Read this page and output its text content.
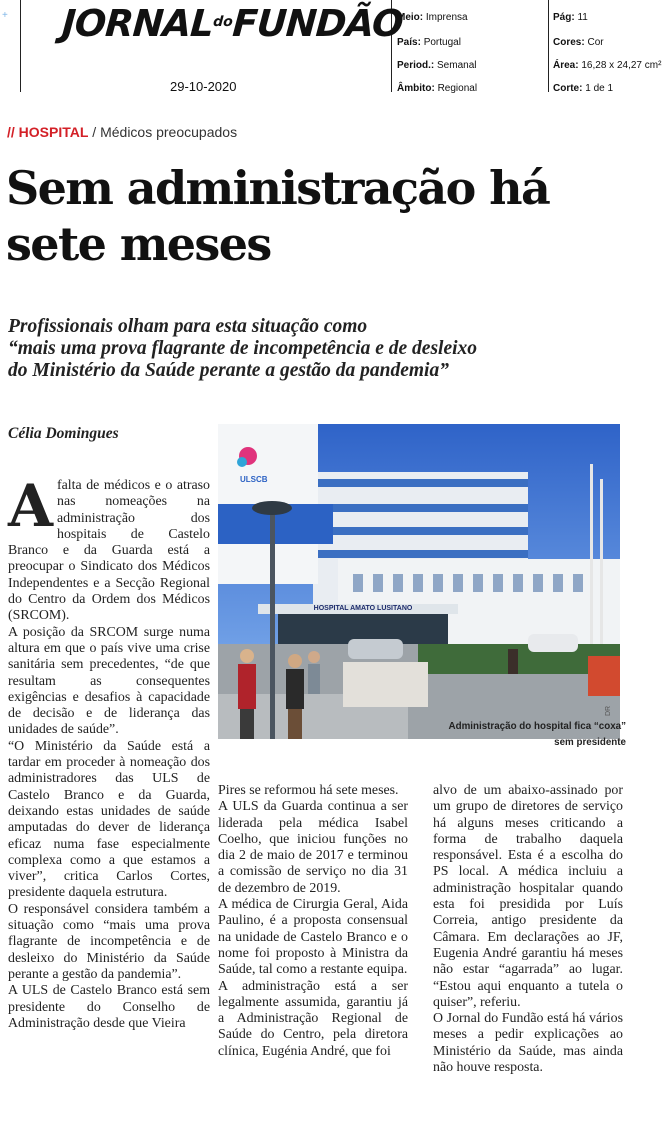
+ $JORNAL^{do}FUNDÃO$
29-10-2020
Meio: Imprensa
País: Portugal
Period.: Semanal
Âmbito: Regional
Pág: 11
Cores: Cor
Área: 16,28 x 24,27 cm²
Corte: 1 de 1
// HOSPITAL / Médicos preocupados
Sem administração há sete meses
Profissionais olham para esta situação como
“mais uma prova flagrante de incompetência e de desleixo
do Ministério da Saúde perante a gestão da pandemia”
Célia Domingues
HOSPITAL AMATO LUSITANO
ULSCB
DR
Administração do hospital fica “coxa” sem presidente

A falta de médicos e o atraso nas nomeações na administração dos hospitais de Castelo Branco e da Guarda está a preocupar o Sindicato dos Médicos Independentes e a Secção Regional do Centro da Ordem dos Médicos (SRCOM).

A posição da SRCOM surge numa altura em que o país vive uma crise sanitária sem precedentes, “de que resultam as consequentes exigências e desafios à capacidade de decisão e de liderança das unidades de saúde”.

“O Ministério da Saúde está a tardar em proceder à nomeação dos administradores das ULS de Castelo Branco e da Guarda, deixando estas unidades de saúde amputadas do dever de liderança eficaz numa fase especialmente complexa como a que estamos a viver”, critica Carlos Cortes, presidente daquela estrutura.

O responsável considera também a situação como “mais uma prova flagrante de incompetência e de desleixo do Ministério da Saúde perante a gestão da pandemia”.

A ULS de Castelo Branco está sem presidente do Conselho de Administração desde que Vieira

Pires se reformou há sete meses.

A ULS da Guarda continua a ser liderada pela médica Isabel Coelho, que iniciou funções no dia 2 de maio de 2017 e terminou a comissão de serviço no dia 31 de dezembro de 2019.

A médica de Cirurgia Geral, Aida Paulino, é a proposta consensual na unidade de Castelo Branco e o nome foi proposto à Ministra da Saúde, tal como a restante equipa.

A administração está a ser legalmente assumida, garantiu já a Administração Regional de Saúde do Centro, pela diretora clínica, Eugénia André, que foi

alvo de um abaixo-assinado por um grupo de diretores de serviço há alguns meses criticando a forma de trabalho daquela responsável. Esta é a escolha do PS local. A médica incluiu a administração hospitalar quando esta foi presidida por Luís Correia, antigo presidente da Câmara. Em declarações ao JF, Eugenia André garantiu há meses não estar “agarrada” ao lugar. “Estou aqui enquanto a tutela o quiser”, referiu.

O Jornal do Fundão está há vários meses a pedir explicações ao Ministério da Saúde, mas ainda não houve resposta.
